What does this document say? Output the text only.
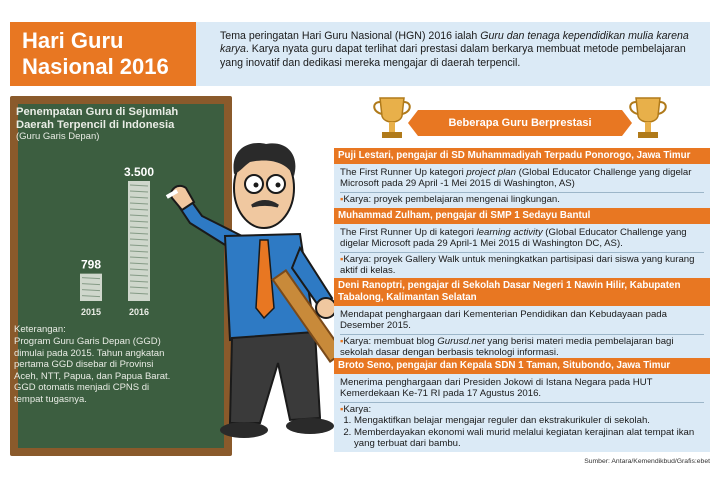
Hari Guru
Nasional 2016
Tema peringatan Hari Guru Nasional (HGN) 2016 ialah Guru dan tenaga kependidikan mulia karena karya. Karya nyata guru dapat terlihat dari prestasi dalam berkarya membuat metode pembelajaran yang inovatif dan dedikasi mereka mengajar di daerah terpencil.
Penempatan Guru di Sejumlah Daerah Terpencil di Indonesia
(Guru Garis Depan)
798
3.500
2015	2016
Keterangan:
Program Guru Garis Depan (GGD) dimulai pada 2015. Tahun angkatan pertama GGD disebar di Provinsi Aceh, NTT, Papua, dan Papua Barat. GGD otomatis menjadi CPNS di tempat tugasnya.
Beberapa Guru Berprestasi
Puji Lestari, pengajar di SD Muhammadiyah Terpadu Ponorogo, Jawa Timur
The First Runner Up kategori project plan (Global Educator Challenge yang digelar Microsoft pada 29 April -1 Mei 2015 di Washington, AS)
▪ Karya: proyek pembelajaran mengenai lingkungan.
Muhammad Zulham, pengajar di SMP 1 Sedayu Bantul
The First Runner Up di kategori learning activity (Global Educator Challenge yang digelar Microsoft pada 29 April-1 Mei 2015 di Washington DC, AS).
▪ Karya: proyek Gallery Walk untuk meningkatkan partisipasi dari siswa yang kurang aktif di kelas.
Deni Ranoptri, pengajar di Sekolah Dasar Negeri 1 Nawin Hilir, Kabupaten Tabalong, Kalimantan Selatan
Mendapat penghargaan dari Kementerian Pendidikan dan Kebudayaan pada Desember 2015.
▪ Karya: membuat blog Gurusd.net yang berisi materi media pembelajaran bagi sekolah dasar dengan berbasis teknologi informasi.
Broto Seno, pengajar dan Kepala SDN 1 Taman, Situbondo, Jawa Timur
Menerima penghargaan dari Presiden Jokowi di Istana Negara pada HUT Kemerdekaan Ke-71 RI pada 17 Agustus 2016.
▪ Karya:
1. Mengaktifkan belajar mengajar reguler dan ekstrakurikuler di sekolah.
2. Memberdayakan ekonomi wali murid melalui kegiatan kerajinan alat tempat ikan yang terbuat dari bambu.
Sumber: Antara/Kemendikbud/Grafis:ebet
